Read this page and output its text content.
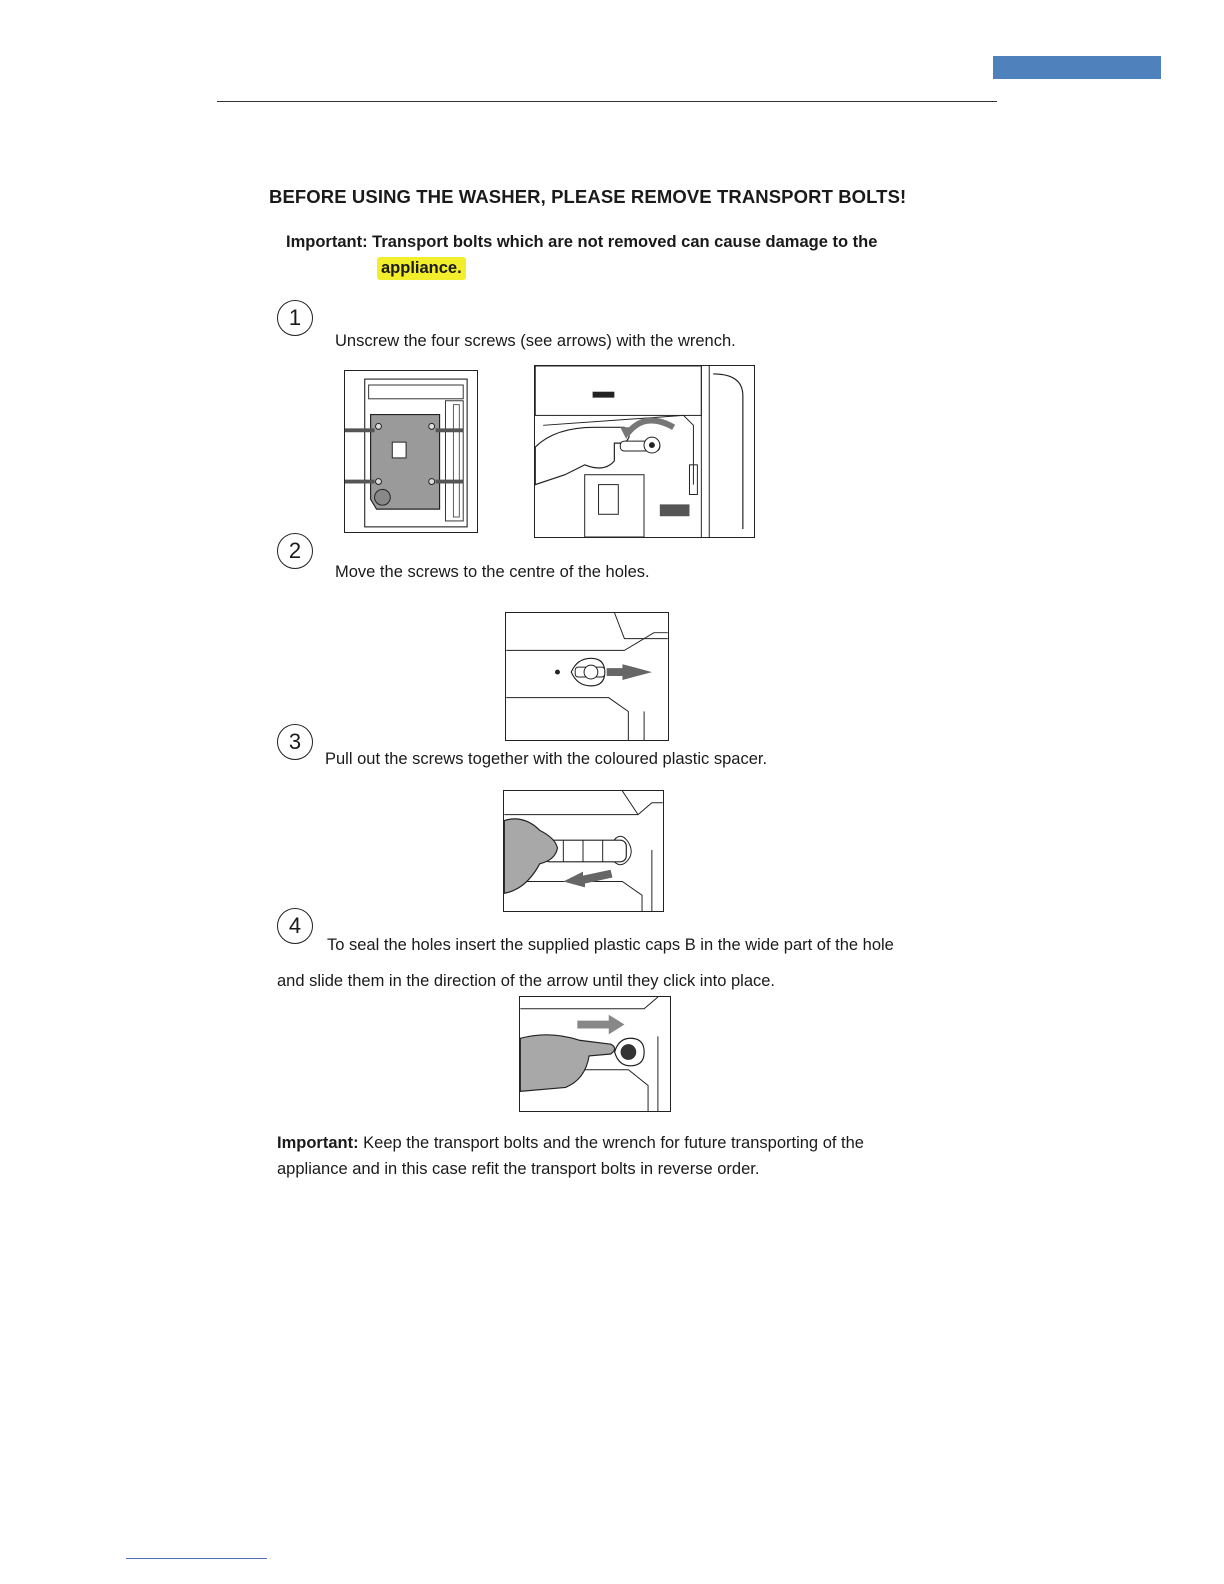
BEFORE USING THE WASHER, PLEASE REMOVE TRANSPORT BOLTS!
Important: Transport bolts which are not removed can cause damage to the
appliance.
1
Unscrew the four screws (see arrows) with the wrench.
2
Move the screws to the centre of the holes.
3
Pull out the screws together with the coloured plastic spacer.
4
To seal the holes insert the supplied plastic caps B in the wide part of the hole
and slide them in the direction of the arrow until they click into place.
Important: Keep the transport bolts and the wrench for future transporting of the
appliance and in this case refit the transport bolts in reverse order.
